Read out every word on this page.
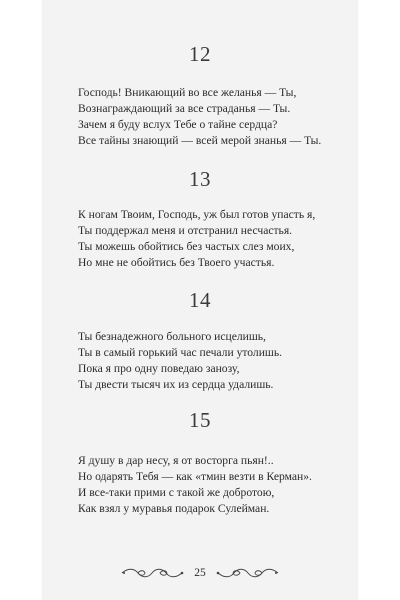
12
Господь! Вникающий во все желанья — Ты,
Вознаграждающий за все страданья — Ты.
Зачем я буду вслух Тебе о тайне сердца?
Все тайны знающий — всей мерой знанья — Ты.
13
К ногам Твоим, Господь, уж был готов упасть я,
Ты поддержал меня и отстранил несчастья.
Ты можешь обойтись без частых слез моих,
Но мне не обойтись без Твоего участья.
14
Ты безнадежного больного исцелишь,
Ты в самый горький час печали утолишь.
Пока я про одну поведаю занозу,
Ты двести тысяч их из сердца удалишь.
15
Я душу в дар несу, я от восторга пьян!..
Но одарять Тебя — как «тмин везти в Керман».
И все-таки прими с такой же добротою,
Как взял у муравья подарок Сулейман.
25
